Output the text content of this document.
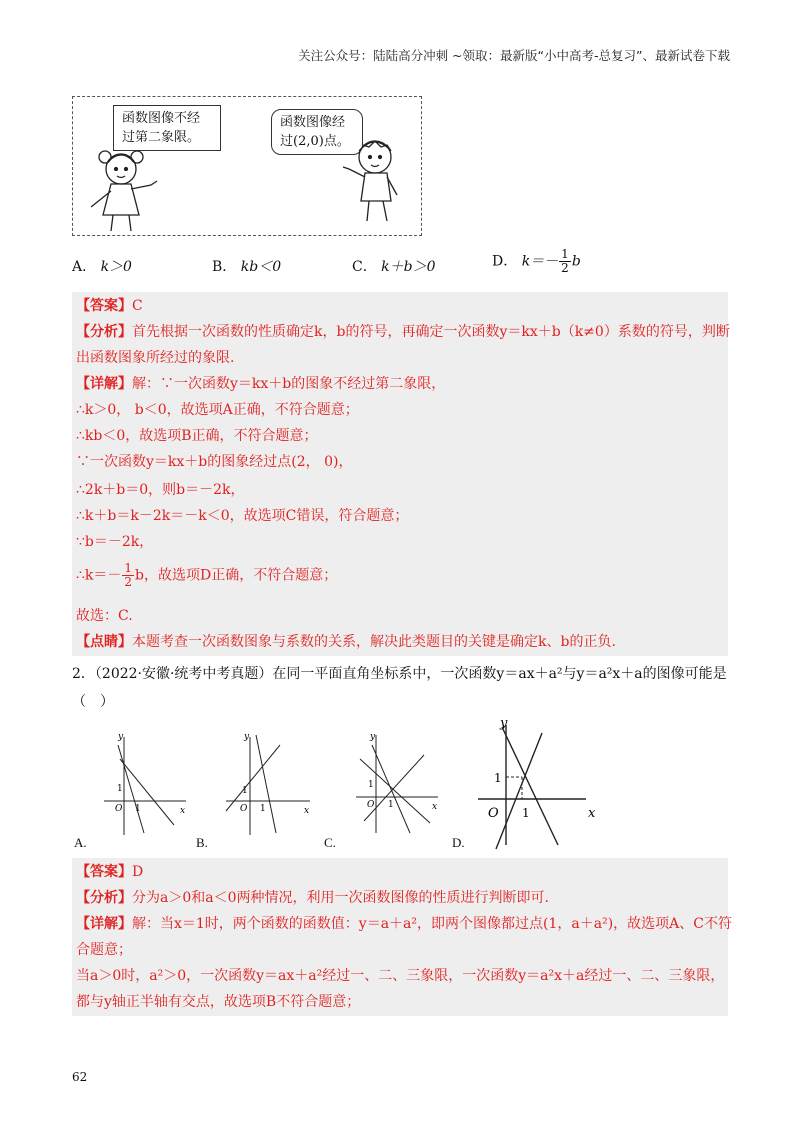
关注公众号：陆陆高分冲刺 ~领取：最新版“小中高考-总复习”、最新试卷下载
函数图像不经
过第二象限。
函数图像经
过(2,0)点。
A． k＞0	B． kb＜0	C． k＋b＞0	D． $k=- \frac{1}{2}$ b
【答案】C
【分析】首先根据一次函数的性质确定k，b的符号，再确定一次函数y＝kx＋b（k≠0）系数的符号，判断
出函数图象所经过的象限.
【详解】解：∵一次函数y＝kx＋b的图象不经过第二象限，
∴k＞0， b＜0，故选项A正确，不符合题意；
∴kb＜0，故选项B正确，不符合题意；
∵一次函数y＝kx＋b的图象经过点(2， 0)，
∴2k＋b＝0，则b＝－2k，
∴k＋b＝k－2k＝－k＜0，故选项C错误，符合题意；
∵b＝－2k，
∴k＝－ $\frac{1}{2}$ b，故选项D正确，不符合题意；
故选：C.
【点睛】本题考查一次函数图象与系数的关系，解决此类题目的关键是确定k、b的正负.
2．（2022·安徽·统考中考真题）在同一平面直角坐标系中，一次函数y＝ax＋a²与y＝a²x＋a的图像可能是
（　）
y
x
O
1
1
y
x
O
1
1
y
x
O
1
1
y
x
O
1
1
A.	B.	C.	D.
【答案】D
【分析】分为a＞0和a＜0两种情况，利用一次函数图像的性质进行判断即可.
【详解】解：当x＝1时，两个函数的函数值：y＝a＋a²，即两个图像都过点(1，a＋a²)，故选项A、C不符
合题意；
当a＞0时，a²＞0，一次函数y＝ax＋a²经过一、二、三象限，一次函数y＝a²x＋a经过一、二、三象限，
都与y轴正半轴有交点，故选项B不符合题意；
62
